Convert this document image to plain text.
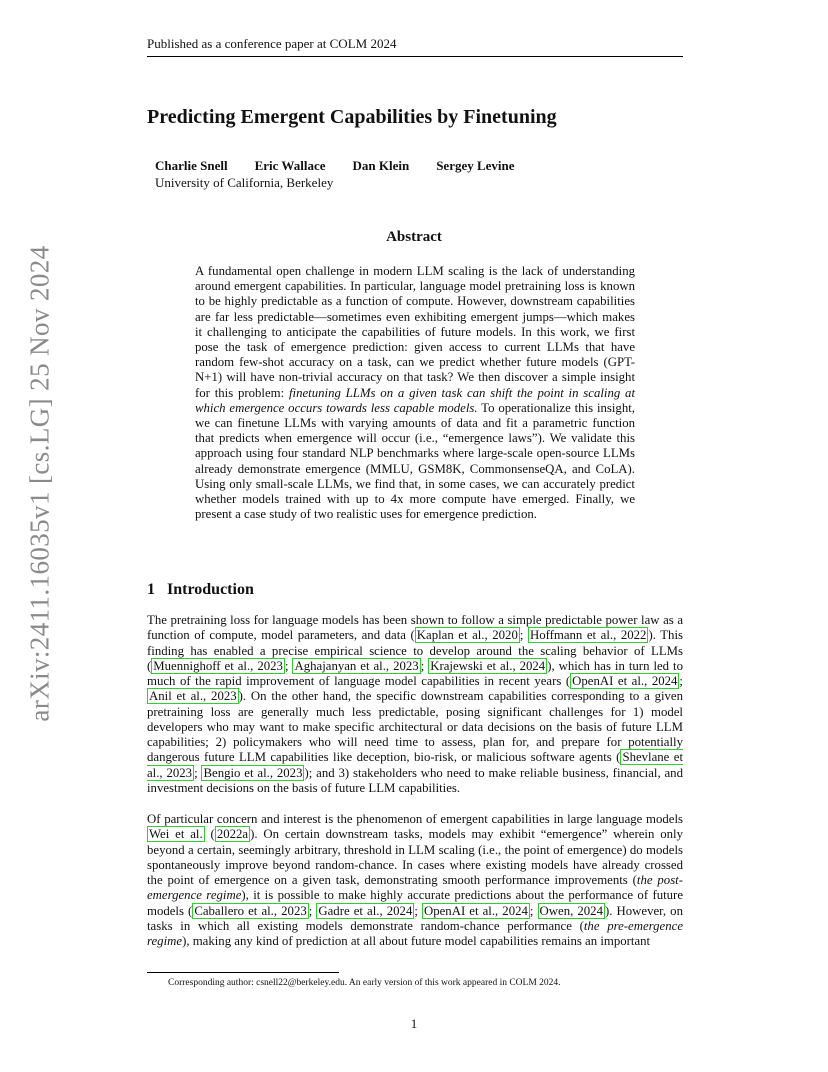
Published as a conference paper at COLM 2024
arXiv:2411.16035v1 [cs.LG] 25 Nov 2024
Predicting Emergent Capabilities by Finetuning
Charlie Snell Eric Wallace Dan Klein Sergey Levine
University of California, Berkeley
Abstract
A fundamental open challenge in modern LLM scaling is the lack of understanding around emergent capabilities. In particular, language model pretraining loss is known to be highly predictable as a function of compute. However, downstream capabilities are far less predictable—sometimes even exhibiting emergent jumps—which makes it challenging to anticipate the capabilities of future models. In this work, we first pose the task of emergence prediction: given access to current LLMs that have random few-shot accuracy on a task, can we predict whether future models (GPT-N+1) will have non-trivial accuracy on that task? We then discover a simple insight for this problem: finetuning LLMs on a given task can shift the point in scaling at which emergence occurs towards less capable models. To operationalize this insight, we can finetune LLMs with varying amounts of data and fit a parametric function that predicts when emergence will occur (i.e., “emergence laws”). We validate this approach using four standard NLP benchmarks where large-scale open-source LLMs already demonstrate emergence (MMLU, GSM8K, CommonsenseQA, and CoLA). Using only small-scale LLMs, we find that, in some cases, we can accurately predict whether models trained with up to 4x more compute have emerged. Finally, we present a case study of two realistic uses for emergence prediction.
1 Introduction
The pretraining loss for language models has been shown to follow a simple predictable power law as a function of compute, model parameters, and data ( Kaplan et al., 2020 ; Hoffmann et al., 2022 ). This finding has enabled a precise empirical science to develop around the scaling behavior of LLMs ( Muennighoff et al., 2023 ; Aghajanyan et al., 2023 ; Krajewski et al., 2024 ), which has in turn led to much of the rapid improvement of language model capabilities in recent years ( OpenAI et al., 2024 ; Anil et al., 2023 ). On the other hand, the specific downstream capabilities corresponding to a given pretraining loss are generally much less predictable, posing significant challenges for 1) model developers who may want to make specific architectural or data decisions on the basis of future LLM capabilities; 2) policymakers who will need time to assess, plan for, and prepare for potentially dangerous future LLM capabilities like deception, bio-risk, or malicious software agents ( Shevlane et al., 2023 ; Bengio et al., 2023 ); and 3) stakeholders who need to make reliable business, financial, and investment decisions on the basis of future LLM capabilities.
Of particular concern and interest is the phenomenon of emergent capabilities in large language models Wei et al. ( 2022a ). On certain downstream tasks, models may exhibit “emergence” wherein only beyond a certain, seemingly arbitrary, threshold in LLM scaling (i.e., the point of emergence) do models spontaneously improve beyond random-chance. In cases where existing models have already crossed the point of emergence on a given task, demonstrating smooth performance improvements (the post-emergence regime), it is possible to make highly accurate predictions about the performance of future models ( Caballero et al., 2023 ; Gadre et al., 2024 ; OpenAI et al., 2024 ; Owen, 2024 ). However, on tasks in which all existing models demonstrate random-chance performance (the pre-emergence regime), making any kind of prediction at all about future model capabilities remains an important
Corresponding author: csnell22@berkeley.edu. An early version of this work appeared in COLM 2024.
1
